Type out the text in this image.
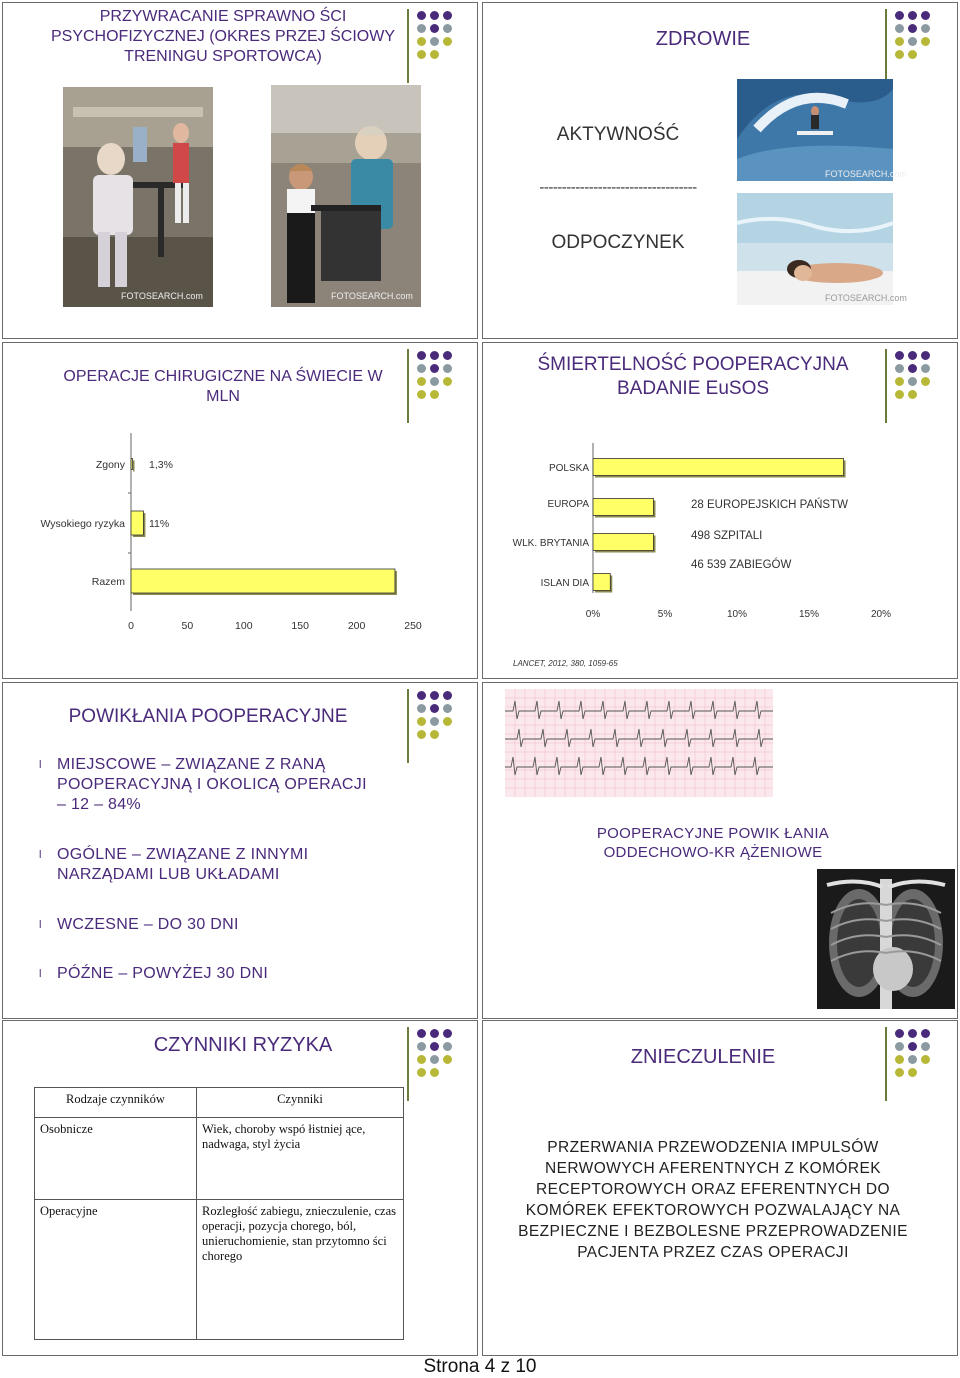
PRZYWRACANIE SPRAWNO ŚCI PSYCHOFIZYCZNEJ (OKRES PRZEJ ŚCIOWY TRENINGU SPORTOWCA)
FOTOSEARCH.com	FOTOSEARCH.com
ZDROWIE
AKTYWNOŚĆ
-----------------------------------
ODPOCZYNEK
FOTOSEARCH.com
FOTOSEARCH.com
OPERACJE CHIRUGICZNE NA ŚWIECIE W MLN
Zgony 1,3%
Wysokiego ryzyka 11%
Razem
0	50	100	150	200	250
ŚMIERTELNOŚĆ POOPERACYJNA BADANIE EuSOS
POLSKA
EUROPA
WLK. BRYTANIA
ISLAN DIA
0%	5%	10%	15%	20%
28 EUROPEJSKICH PAŃSTW
498 SZPITALI
46 539 ZABIEGÓW
LANCET, 2012, 380, 1059-65
POWIKŁANIA POOPERACYJNE
l MIEJSCOWE – ZWIĄZANE Z RANĄ POOPERACYJNĄ I OKOLICĄ OPERACJI – 12 – 84%
l OGÓLNE – ZWIĄZANE Z INNYMI NARZĄDAMI LUB UKŁADAMI
l WCZESNE – DO 30 DNI
l PÓŹNE – POWYŻEJ 30 DNI
POOPERACYJNE POWIK ŁANIA ODDECHOWO-KR ĄŻENIOWE
CZYNNIKI RYZYKA
Rodzaje czynników	Czynniki
Osobnicze	Wiek, choroby wspó łistniej ące, nadwaga, styl życia
Operacyjne	Rozległość zabiegu, znieczulenie, czas operacji, pozycja chorego, ból, unieruchomienie, stan przytomno ści chorego
ZNIECZULENIE
PRZERWANIA PRZEWODZENIA IMPULSÓW NERWOWYCH AFERENTNYCH Z KOMÓREK RECEPTOROWYCH ORAZ EFERENTNYCH DO KOMÓREK EFEKTOROWYCH POZWALAJĄCY NA BEZPIECZNE I BEZBOLESNE PRZEPROWADZENIE PACJENTA PRZEZ CZAS OPERACJI
Strona 4 z 10
